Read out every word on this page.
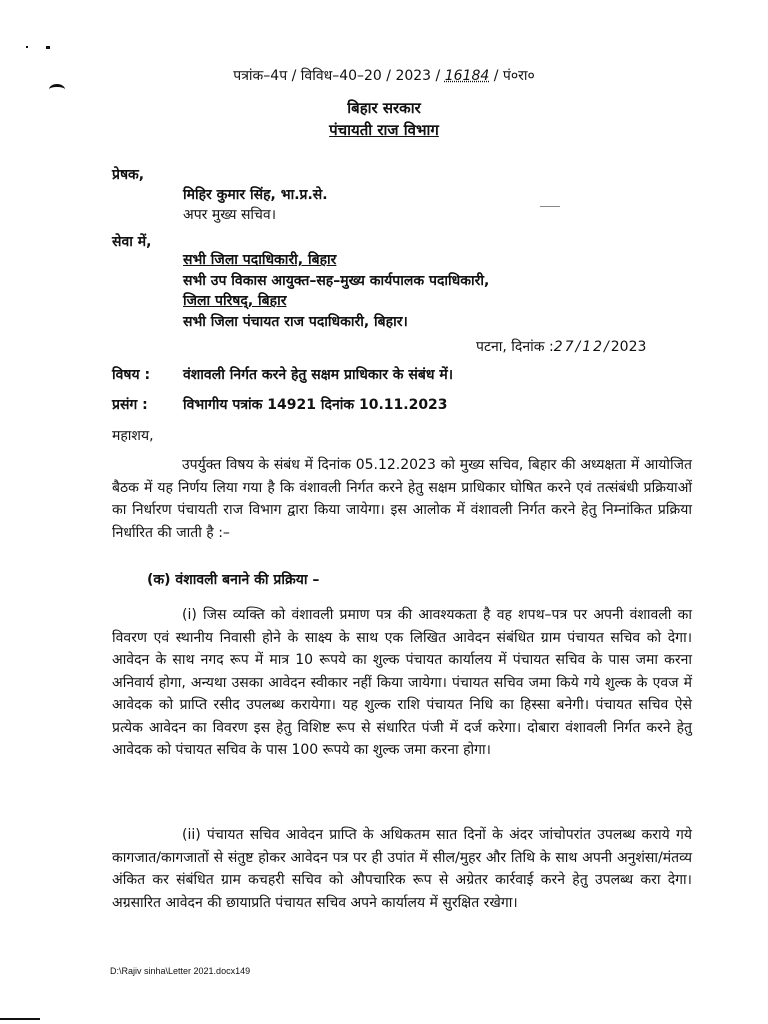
पत्रांक–4प / विविध–40–20 / 2023 / 16184 / पं०रा०
बिहार सरकार
पंचायती राज विभाग
प्रेषक,
मिहिर कुमार सिंह, भा.प्र.से.
अपर मुख्य सचिव।
सेवा में,
सभी जिला पदाधिकारी, बिहार
सभी उप विकास आयुक्त–सह–मुख्य कार्यपालक पदाधिकारी,
जिला परिषद्, बिहार
सभी जिला पंचायत राज पदाधिकारी, बिहार।
पटना, दिनांक :27/12/2023
विषय : वंशावली निर्गत करने हेतु सक्षम प्राधिकार के संबंध में।
प्रसंग :	विभागीय पत्रांक 14921 दिनांक 10.11.2023
महाशय,
उपर्युक्त विषय के संबंध में दिनांक 05.12.2023 को मुख्य सचिव, बिहार की अध्यक्षता में आयोजित बैठक में यह निर्णय लिया गया है कि वंशावली निर्गत करने हेतु सक्षम प्राधिकार घोषित करने एवं तत्संबंधी प्रक्रियाओं का निर्धारण पंचायती राज विभाग द्वारा किया जायेगा। इस आलोक में वंशावली निर्गत करने हेतु निम्नांकित प्रक्रिया निर्धारित की जाती है :–
(क) वंशावली बनाने की प्रक्रिया –
(i) जिस व्यक्ति को वंशावली प्रमाण पत्र की आवश्यकता है वह शपथ–पत्र पर अपनी वंशावली का विवरण एवं स्थानीय निवासी होने के साक्ष्य के साथ एक लिखित आवेदन संबंधित ग्राम पंचायत सचिव को देगा। आवेदन के साथ नगद रूप में मात्र 10 रूपये का शुल्क पंचायत कार्यालय में पंचायत सचिव के पास जमा करना अनिवार्य होगा, अन्यथा उसका आवेदन स्वीकार नहीं किया जायेगा। पंचायत सचिव जमा किये गये शुल्क के एवज में आवेदक को प्राप्ति रसीद उपलब्ध करायेगा। यह शुल्क राशि पंचायत निधि का हिस्सा बनेगी। पंचायत सचिव ऐसे प्रत्येक आवेदन का विवरण इस हेतु विशिष्ट रूप से संधारित पंजी में दर्ज करेगा। दोबारा वंशावली निर्गत करने हेतु आवेदक को पंचायत सचिव के पास 100 रूपये का शुल्क जमा करना होगा।
(ii) पंचायत सचिव आवेदन प्राप्ति के अधिकतम सात दिनों के अंदर जांचोपरांत उपलब्ध कराये गये कागजात/कागजातों से संतुष्ट होकर आवेदन पत्र पर ही उपांत में सील/मुहर और तिथि के साथ अपनी अनुशंसा/मंतव्य अंकित कर संबंधित ग्राम कचहरी सचिव को औपचारिक रूप से अग्रेतर कार्रवाई करने हेतु उपलब्ध करा देगा। अग्रसारित आवेदन की छायाप्रति पंचायत सचिव अपने कार्यालय में सुरक्षित रखेगा।
D:\Rajiv sinha\Letter 2021.docx149
